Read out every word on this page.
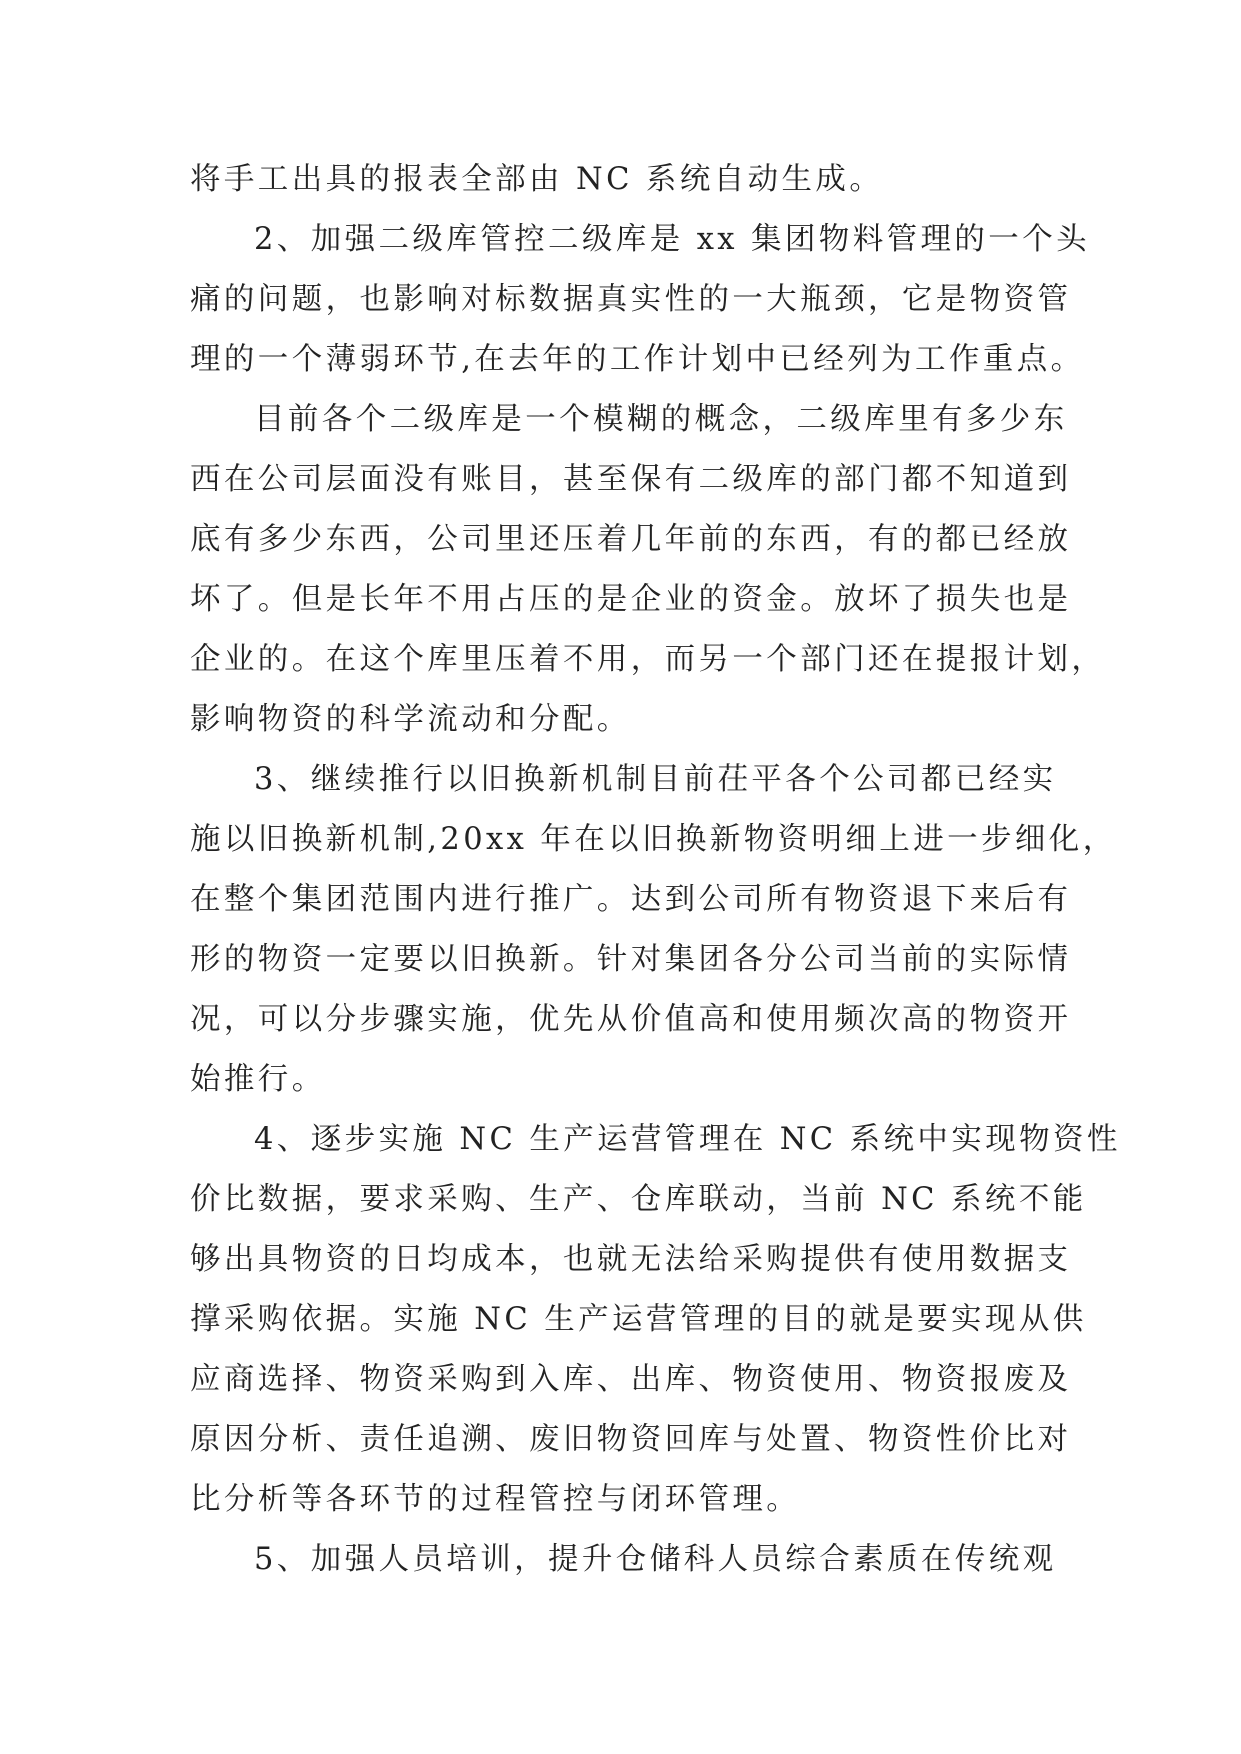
将手工出具的报表全部由 NC 系统自动生成。

2、加强二级库管控二级库是 xx 集团物料管理的一个头
痛的问题，也影响对标数据真实性的一大瓶颈，它是物资管
理的一个薄弱环节,在去年的工作计划中已经列为工作重点。

目前各个二级库是一个模糊的概念，二级库里有多少东
西在公司层面没有账目，甚至保有二级库的部门都不知道到
底有多少东西，公司里还压着几年前的东西，有的都已经放
坏了。但是长年不用占压的是企业的资金。放坏了损失也是
企业的。在这个库里压着不用，而另一个部门还在提报计划，
影响物资的科学流动和分配。

3、继续推行以旧换新机制目前茌平各个公司都已经实
施以旧换新机制,20xx 年在以旧换新物资明细上进一步细化，
在整个集团范围内进行推广。达到公司所有物资退下来后有
形的物资一定要以旧换新。针对集团各分公司当前的实际情
况，可以分步骤实施，优先从价值高和使用频次高的物资开
始推行。

4、逐步实施 NC 生产运营管理在 NC 系统中实现物资性
价比数据，要求采购、生产、仓库联动，当前 NC 系统不能
够出具物资的日均成本，也就无法给采购提供有使用数据支
撑采购依据。实施 NC 生产运营管理的目的就是要实现从供
应商选择、物资采购到入库、出库、物资使用、物资报废及
原因分析、责任追溯、废旧物资回库与处置、物资性价比对
比分析等各环节的过程管控与闭环管理。

5、加强人员培训，提升仓储科人员综合素质在传统观
